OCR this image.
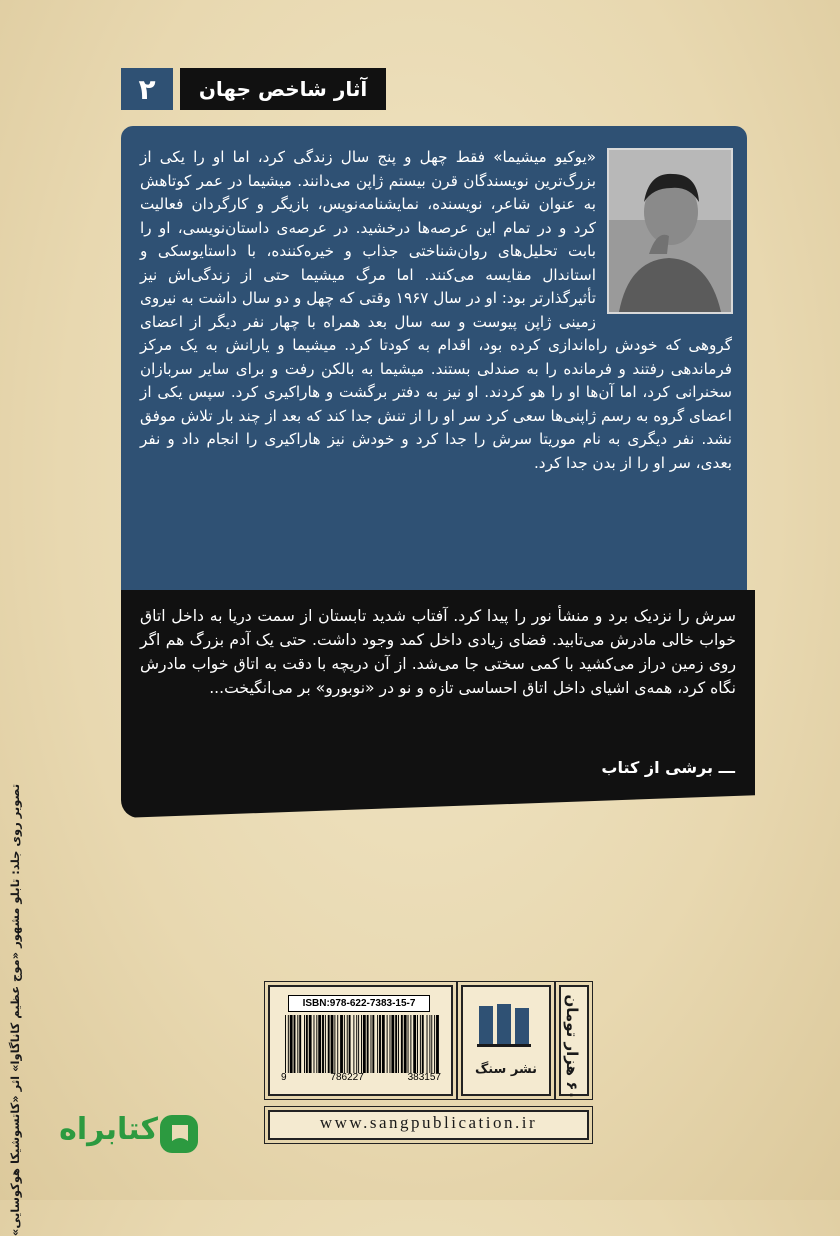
۲	آثار شاخص جهان

«یوکیو میشیما» فقط چهل و پنج سال زندگی کرد، اما او را یکی از بزرگ‌ترین نویسندگان قرن بیستم ژاپن می‌دانند. میشیما در عمر کوتاهش به عنوان شاعر، نویسنده، نمایشنامه‌نویس، بازیگر و کارگردان فعالیت کرد و در تمام این عرصه‌ها درخشید. در عرصه‌ی داستان‌نویسی، او را بابت تحلیل‌های روان‌شناختی جذاب و خیره‌کننده، با داستایوسکی و استاندال مقایسه می‌کنند. اما مرگ میشیما حتی از زندگی‌اش نیز تأثیرگذار‌تر بود: او در سال ۱۹۶۷ وقتی که چهل و دو سال داشت به نیروی زمینی ژاپن پیوست و سه سال بعد همراه با چهار نفر دیگر از اعضای گروهی که خودش راه‌اندازی کرده بود، اقدام به کودتا کرد. میشیما و یارانش به یک مرکز فرماندهی رفتند و فرمانده را به صندلی بستند. میشیما به بالکن رفت و برای سایر سربازان سخنرانی کرد، اما آن‌ها او را هو کردند. او نیز به دفتر برگشت و هاراکیری کرد. سپس یکی از اعضای گروه به رسم ژاپنی‌ها سعی کرد سر او را از تنش جدا کند که بعد از چند بار تلاش موفق نشد. نفر دیگری به نام موریتا سرش را جدا کرد و خودش نیز هاراکیری را انجام داد و نفر بعدی، سر او را از بدن جدا کرد.

سرش را نزدیک برد و منشأ نور را پیدا کرد. آفتاب شدید تابستان از سمت دریا به داخل اتاق خواب خالی مادرش می‌تابید. فضای زیادی داخل کمد وجود داشت. حتی یک آدم بزرگ هم اگر روی زمین دراز می‌کشید با کمی سختی جا می‌شد. از آن دریچه با دقت به اتاق خواب مادرش نگاه کرد، همه‌ی اشیای داخل اتاق احساسی تازه و نو در «نوبورو» بر می‌انگیخت...

ـــ برشی از کتاب
تصویر روی جلد: تابلو مشهور «موج عظیم کاناگاوا» اثر «کاتسوشیکا هوکوسایی»	ISBN:978-622-7383-15-7
9	786227	383157
نشر سنگ	۶۰ هزار تومان
www.sangpublication.ir
کتابراه
